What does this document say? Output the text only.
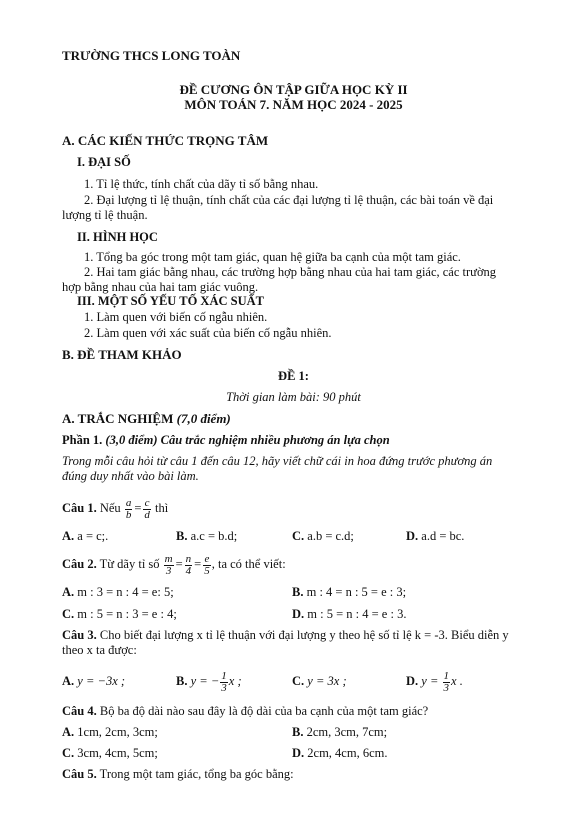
TRƯỜNG THCS LONG TOÀN
ĐỀ CƯƠNG ÔN TẬP GIỮA HỌC KỲ II
MÔN TOÁN 7. NĂM HỌC 2024 - 2025
A. CÁC KIẾN THỨC TRỌNG TÂM
I. ĐẠI SỐ
1. Tỉ lệ thức, tính chất của dãy tỉ số bằng nhau.
2. Đại lượng tỉ lệ thuận, tính chất của các đại lượng tỉ lệ thuận, các bài toán về đại
lượng tỉ lệ thuận.
II. HÌNH HỌC
1. Tổng ba góc trong một tam giác, quan hệ giữa ba cạnh của một tam giác.
2. Hai tam giác bằng nhau, các trường hợp bằng nhau của hai tam giác, các trường
hợp bằng nhau của hai tam giác vuông.
III. MỘT SỐ YẾU TỐ XÁC SUẤT
1. Làm quen với biến cố ngẫu nhiên.
2. Làm quen với xác suất của biến cố ngẫu nhiên.
B. ĐỀ THAM KHẢO
ĐỀ 1:
Thời gian làm bài: 90 phút
A. TRẮC NGHIỆM (7,0 điểm)
Phần 1. (3,0 điểm) Câu trắc nghiệm nhiều phương án lựa chọn
Trong mỗi câu hỏi từ câu 1 đến câu 12, hãy viết chữ cái in hoa đứng trước phương án
đúng duy nhất vào bài làm.
Câu 1. Nếu $\frac{a}{b} = \frac{c}{d}$ thì
A. a = c;.	B. a.c = b.d;	C. a.b = c.d;	D. a.d = bc.
Câu 2. Từ dãy tỉ số $\frac{m}{3} = \frac{n}{4} = \frac{e}{5}$ , ta có thể viết:
A. m : 3 = n : 4 = e: 5;	B. m : 4 = n : 5 = e : 3;
C. m : 5 = n : 3 = e : 4;	D. m : 5 = n : 4 = e : 3.
Câu 3. Cho biết đại lượng x tỉ lệ thuận với đại lượng y theo hệ số tỉ lệ k = -3. Biểu diễn y
theo x ta được:
A. y = −3x ;	B. y = − $\frac{1}{3}$ x ;	C. y = 3x ;	D. $y = \frac{1}{3}$ x .
Câu 4. Bộ ba độ dài nào sau đây là độ dài của ba cạnh của một tam giác?
A. 1cm, 2cm, 3cm;	B. 2cm, 3cm, 7cm;
C. 3cm, 4cm, 5cm;	D. 2cm, 4cm, 6cm.
Câu 5. Trong một tam giác, tổng ba góc bằng:
